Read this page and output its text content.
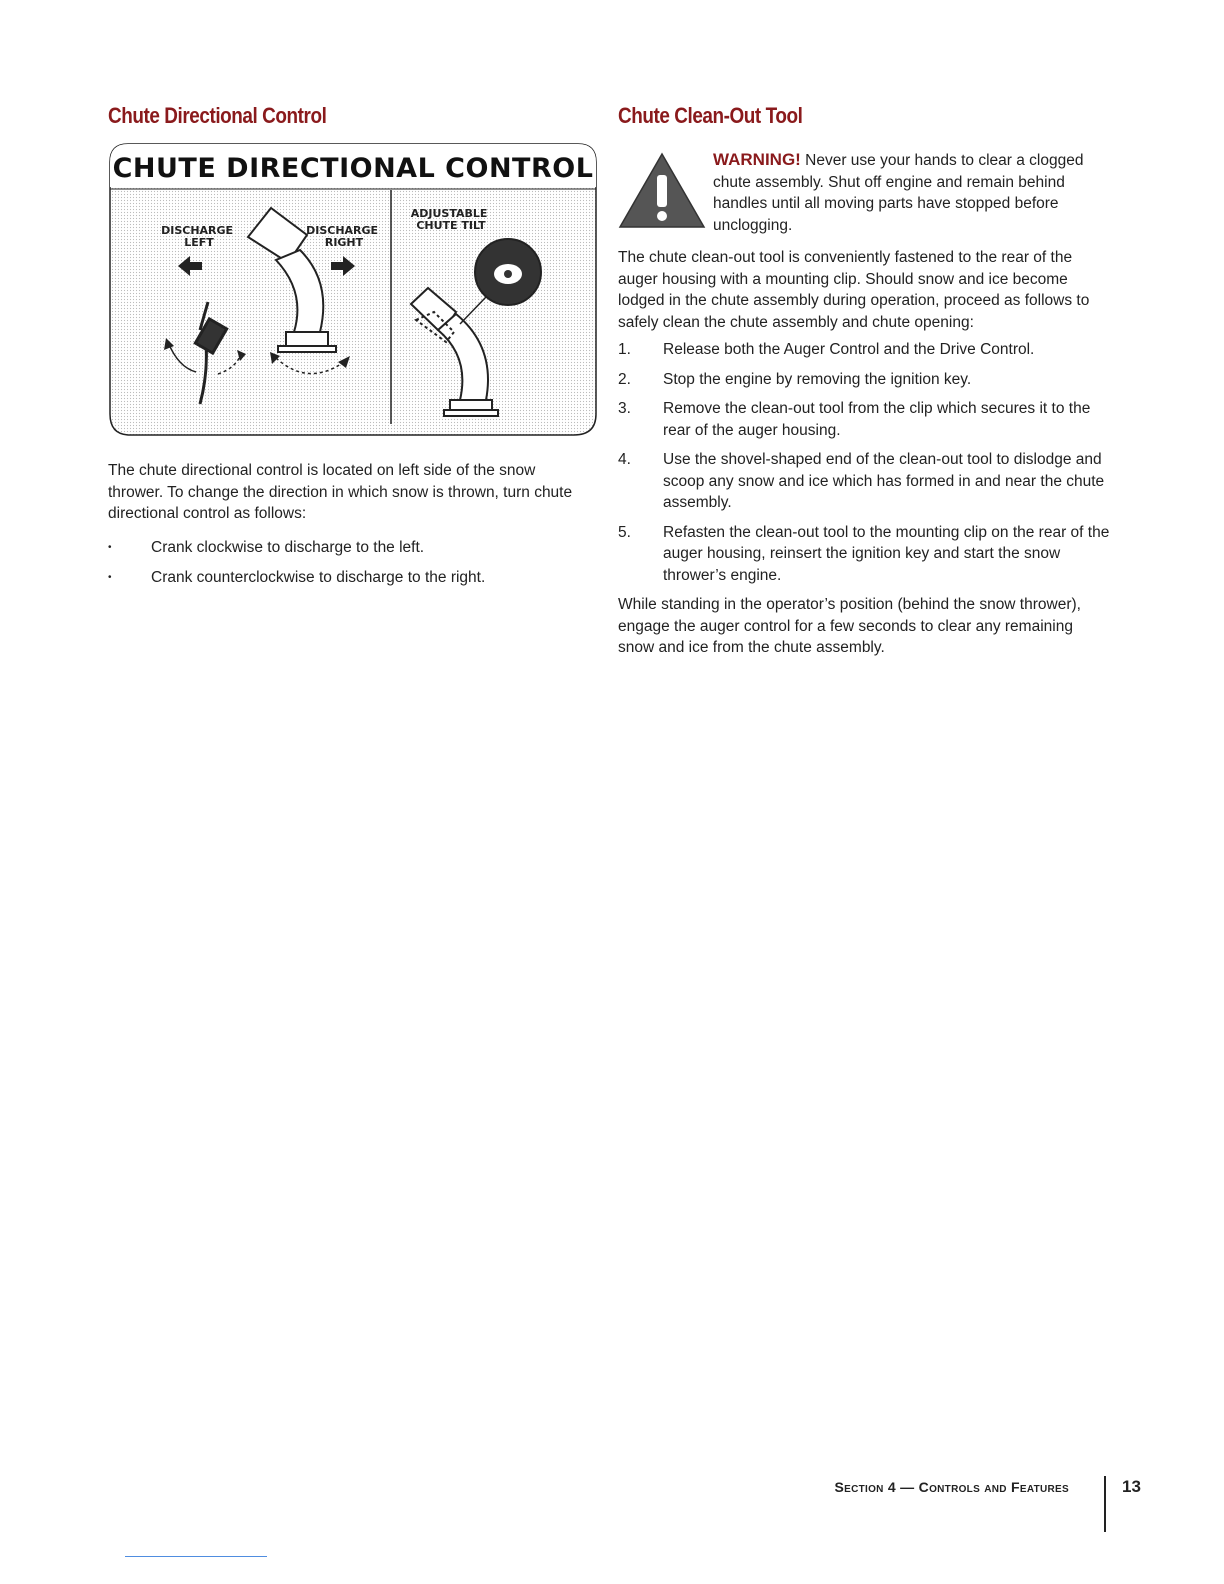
Chute Directional Control
CHUTE DIRECTIONAL CONTROL
DISCHARGE LEFT
DISCHARGE RIGHT
ADJUSTABLE CHUTE TILT

The chute directional control is located on left side of the snow thrower. To change the direction in which snow is thrown, turn chute directional control as follows:

• Crank clockwise to discharge to the left.
• Crank counterclockwise to discharge to the right.
Chute Clean-Out Tool

WARNING! Never use your hands to clear a clogged chute assembly. Shut off engine and remain behind handles until all moving parts have stopped before unclogging.

The chute clean-out tool is conveniently fastened to the rear of the auger housing with a mounting clip. Should snow and ice become lodged in the chute assembly during operation, proceed as follows to safely clean the chute assembly and chute opening:

1. Release both the Auger Control and the Drive Control.
2. Stop the engine by removing the ignition key.
3. Remove the clean-out tool from the clip which secures it to the rear of the auger housing.
4. Use the shovel-shaped end of the clean-out tool to dislodge and scoop any snow and ice which has formed in and near the chute assembly.
5. Refasten the clean-out tool to the mounting clip on the rear of the auger housing, reinsert the ignition key and start the snow thrower’s engine.

While standing in the operator’s position (behind the snow thrower), engage the auger control for a few seconds to clear any remaining snow and ice from the chute assembly.

Section 4 — Controls and Features	13
